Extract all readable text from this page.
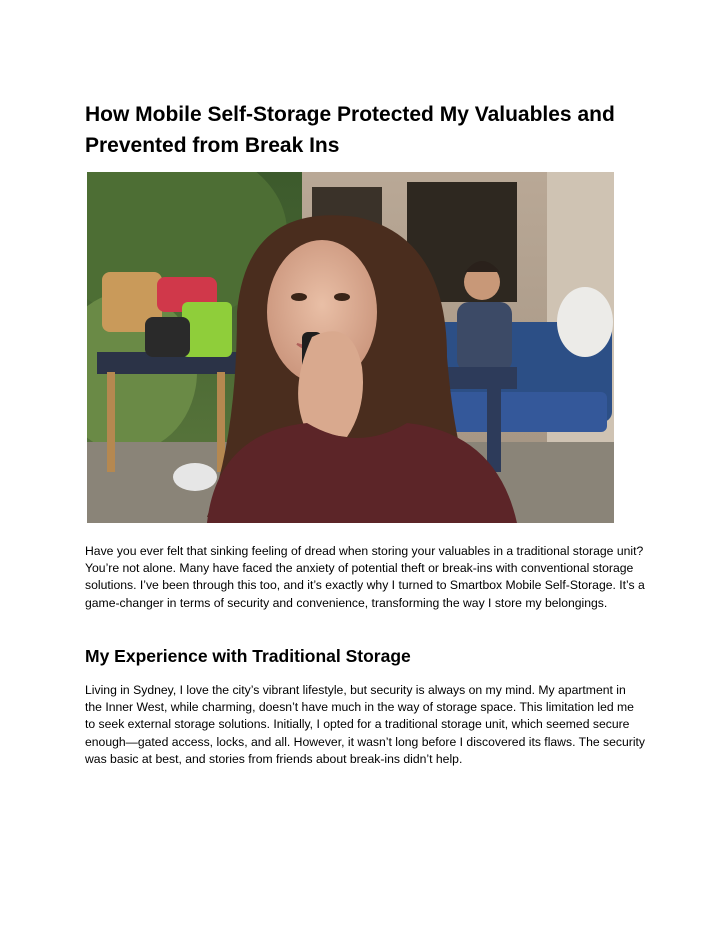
How Mobile Self-Storage Protected My Valuables and Prevented from Break Ins

Have you ever felt that sinking feeling of dread when storing your valuables in a traditional storage unit? You’re not alone. Many have faced the anxiety of potential theft or break-ins with conventional storage solutions. I’ve been through this too, and it’s exactly why I turned to Smartbox Mobile Self-Storage. It’s a game-changer in terms of security and convenience, transforming the way I store my belongings.

My Experience with Traditional Storage

Living in Sydney, I love the city’s vibrant lifestyle, but security is always on my mind. My apartment in the Inner West, while charming, doesn’t have much in the way of storage space. This limitation led me to seek external storage solutions. Initially, I opted for a traditional storage unit, which seemed secure enough—gated access, locks, and all. However, it wasn’t long before I discovered its flaws. The security was basic at best, and stories from friends about break-ins didn’t help.
